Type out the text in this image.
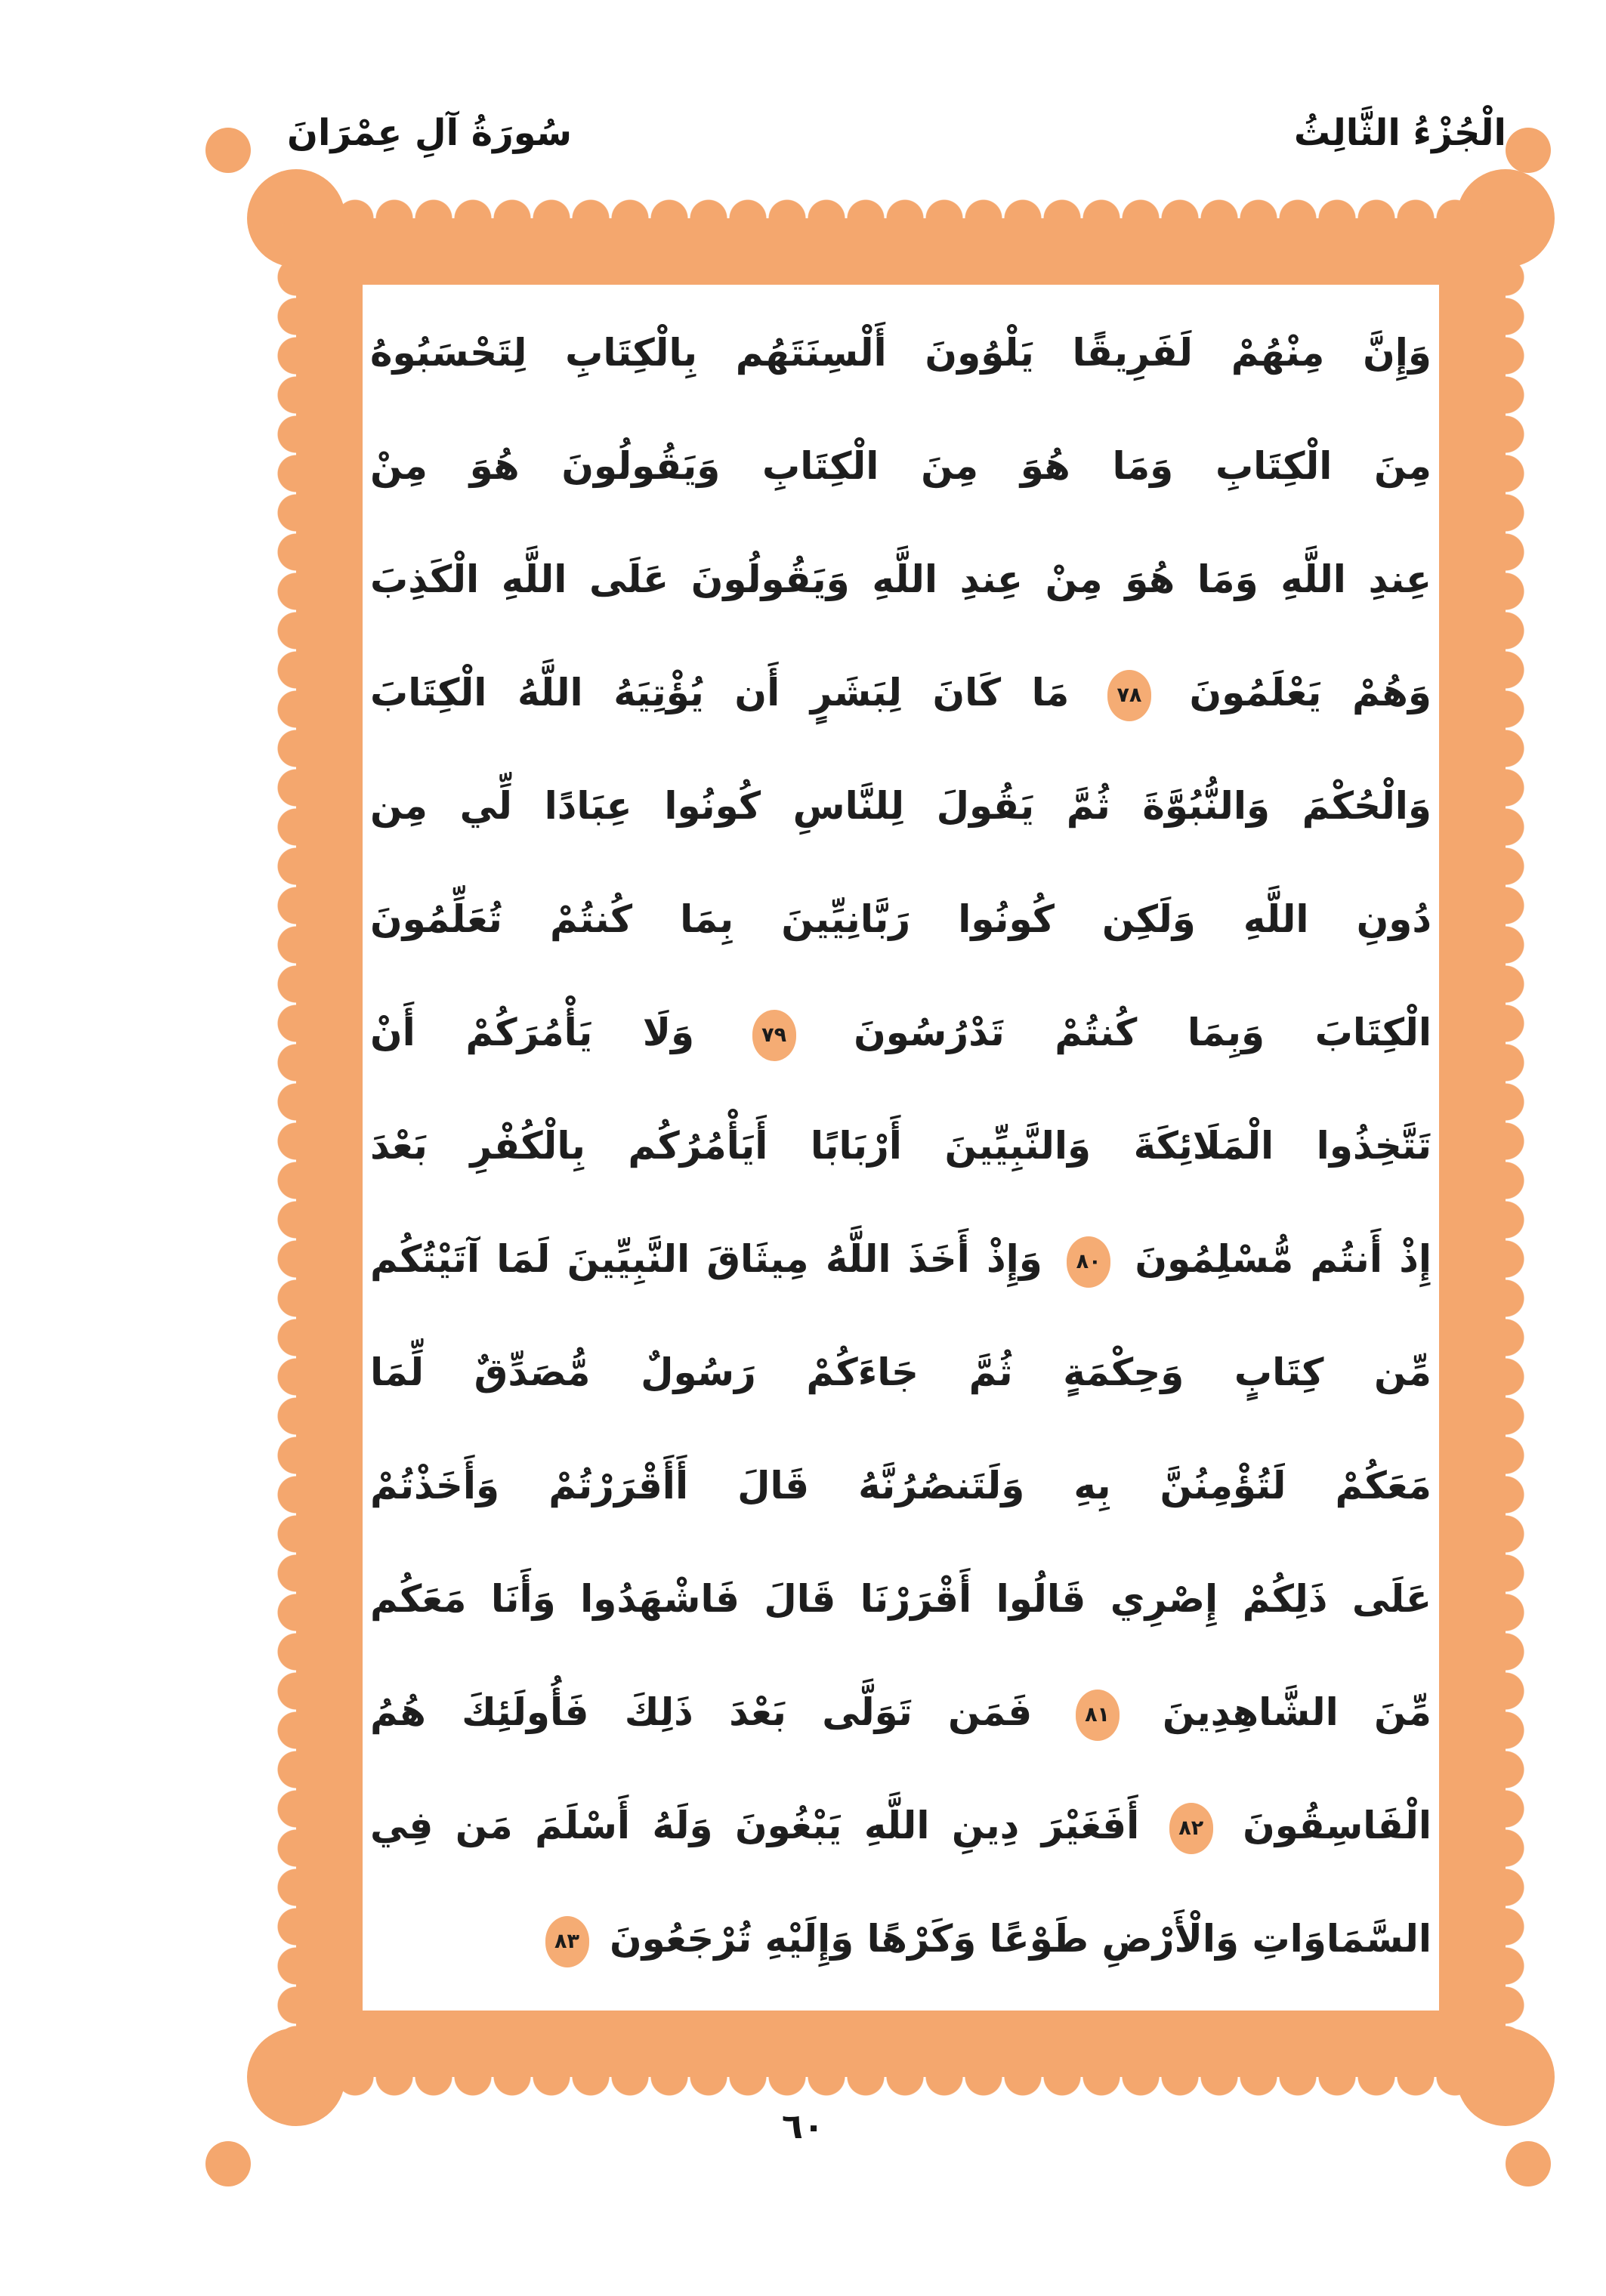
سُورَةُ آلِ عِمْرَانَ	الْجُزْءُ الثَّالِثُ
وَإِنَّ مِنْهُمْ لَفَرِيقًا يَلْوُونَ أَلْسِنَتَهُم بِالْكِتَابِ لِتَحْسَبُوهُ
مِنَ الْكِتَابِ وَمَا هُوَ مِنَ الْكِتَابِ وَيَقُولُونَ هُوَ مِنْ
عِندِ اللَّهِ وَمَا هُوَ مِنْ عِندِ اللَّهِ وَيَقُولُونَ عَلَى اللَّهِ الْكَذِبَ
وَهُمْ يَعْلَمُونَ ٧٨ مَا كَانَ لِبَشَرٍ أَن يُؤْتِيَهُ اللَّهُ الْكِتَابَ
وَالْحُكْمَ وَالنُّبُوَّةَ ثُمَّ يَقُولَ لِلنَّاسِ كُونُوا عِبَادًا لِّي مِن
دُونِ اللَّهِ وَلَكِن كُونُوا رَبَّانِيِّينَ بِمَا كُنتُمْ تُعَلِّمُونَ
الْكِتَابَ وَبِمَا كُنتُمْ تَدْرُسُونَ ٧٩ وَلَا يَأْمُرَكُمْ أَنْ
تَتَّخِذُوا الْمَلَائِكَةَ وَالنَّبِيِّينَ أَرْبَابًا أَيَأْمُرُكُم بِالْكُفْرِ بَعْدَ
إِذْ أَنتُم مُّسْلِمُونَ ٨٠ وَإِذْ أَخَذَ اللَّهُ مِيثَاقَ النَّبِيِّينَ لَمَا آتَيْتُكُم
مِّن كِتَابٍ وَحِكْمَةٍ ثُمَّ جَاءَكُمْ رَسُولٌ مُّصَدِّقٌ لِّمَا
مَعَكُمْ لَتُؤْمِنُنَّ بِهِ وَلَتَنصُرُنَّهُ قَالَ أَأَقْرَرْتُمْ وَأَخَذْتُمْ
عَلَى ذَلِكُمْ إِصْرِي قَالُوا أَقْرَرْنَا قَالَ فَاشْهَدُوا وَأَنَا مَعَكُم
مِّنَ الشَّاهِدِينَ ٨١ فَمَن تَوَلَّى بَعْدَ ذَلِكَ فَأُولَئِكَ هُمُ
الْفَاسِقُونَ ٨٢ أَفَغَيْرَ دِينِ اللَّهِ يَبْغُونَ وَلَهُ أَسْلَمَ مَن فِي
السَّمَاوَاتِ وَالْأَرْضِ طَوْعًا وَكَرْهًا وَإِلَيْهِ تُرْجَعُونَ ٨٣
٦٠
